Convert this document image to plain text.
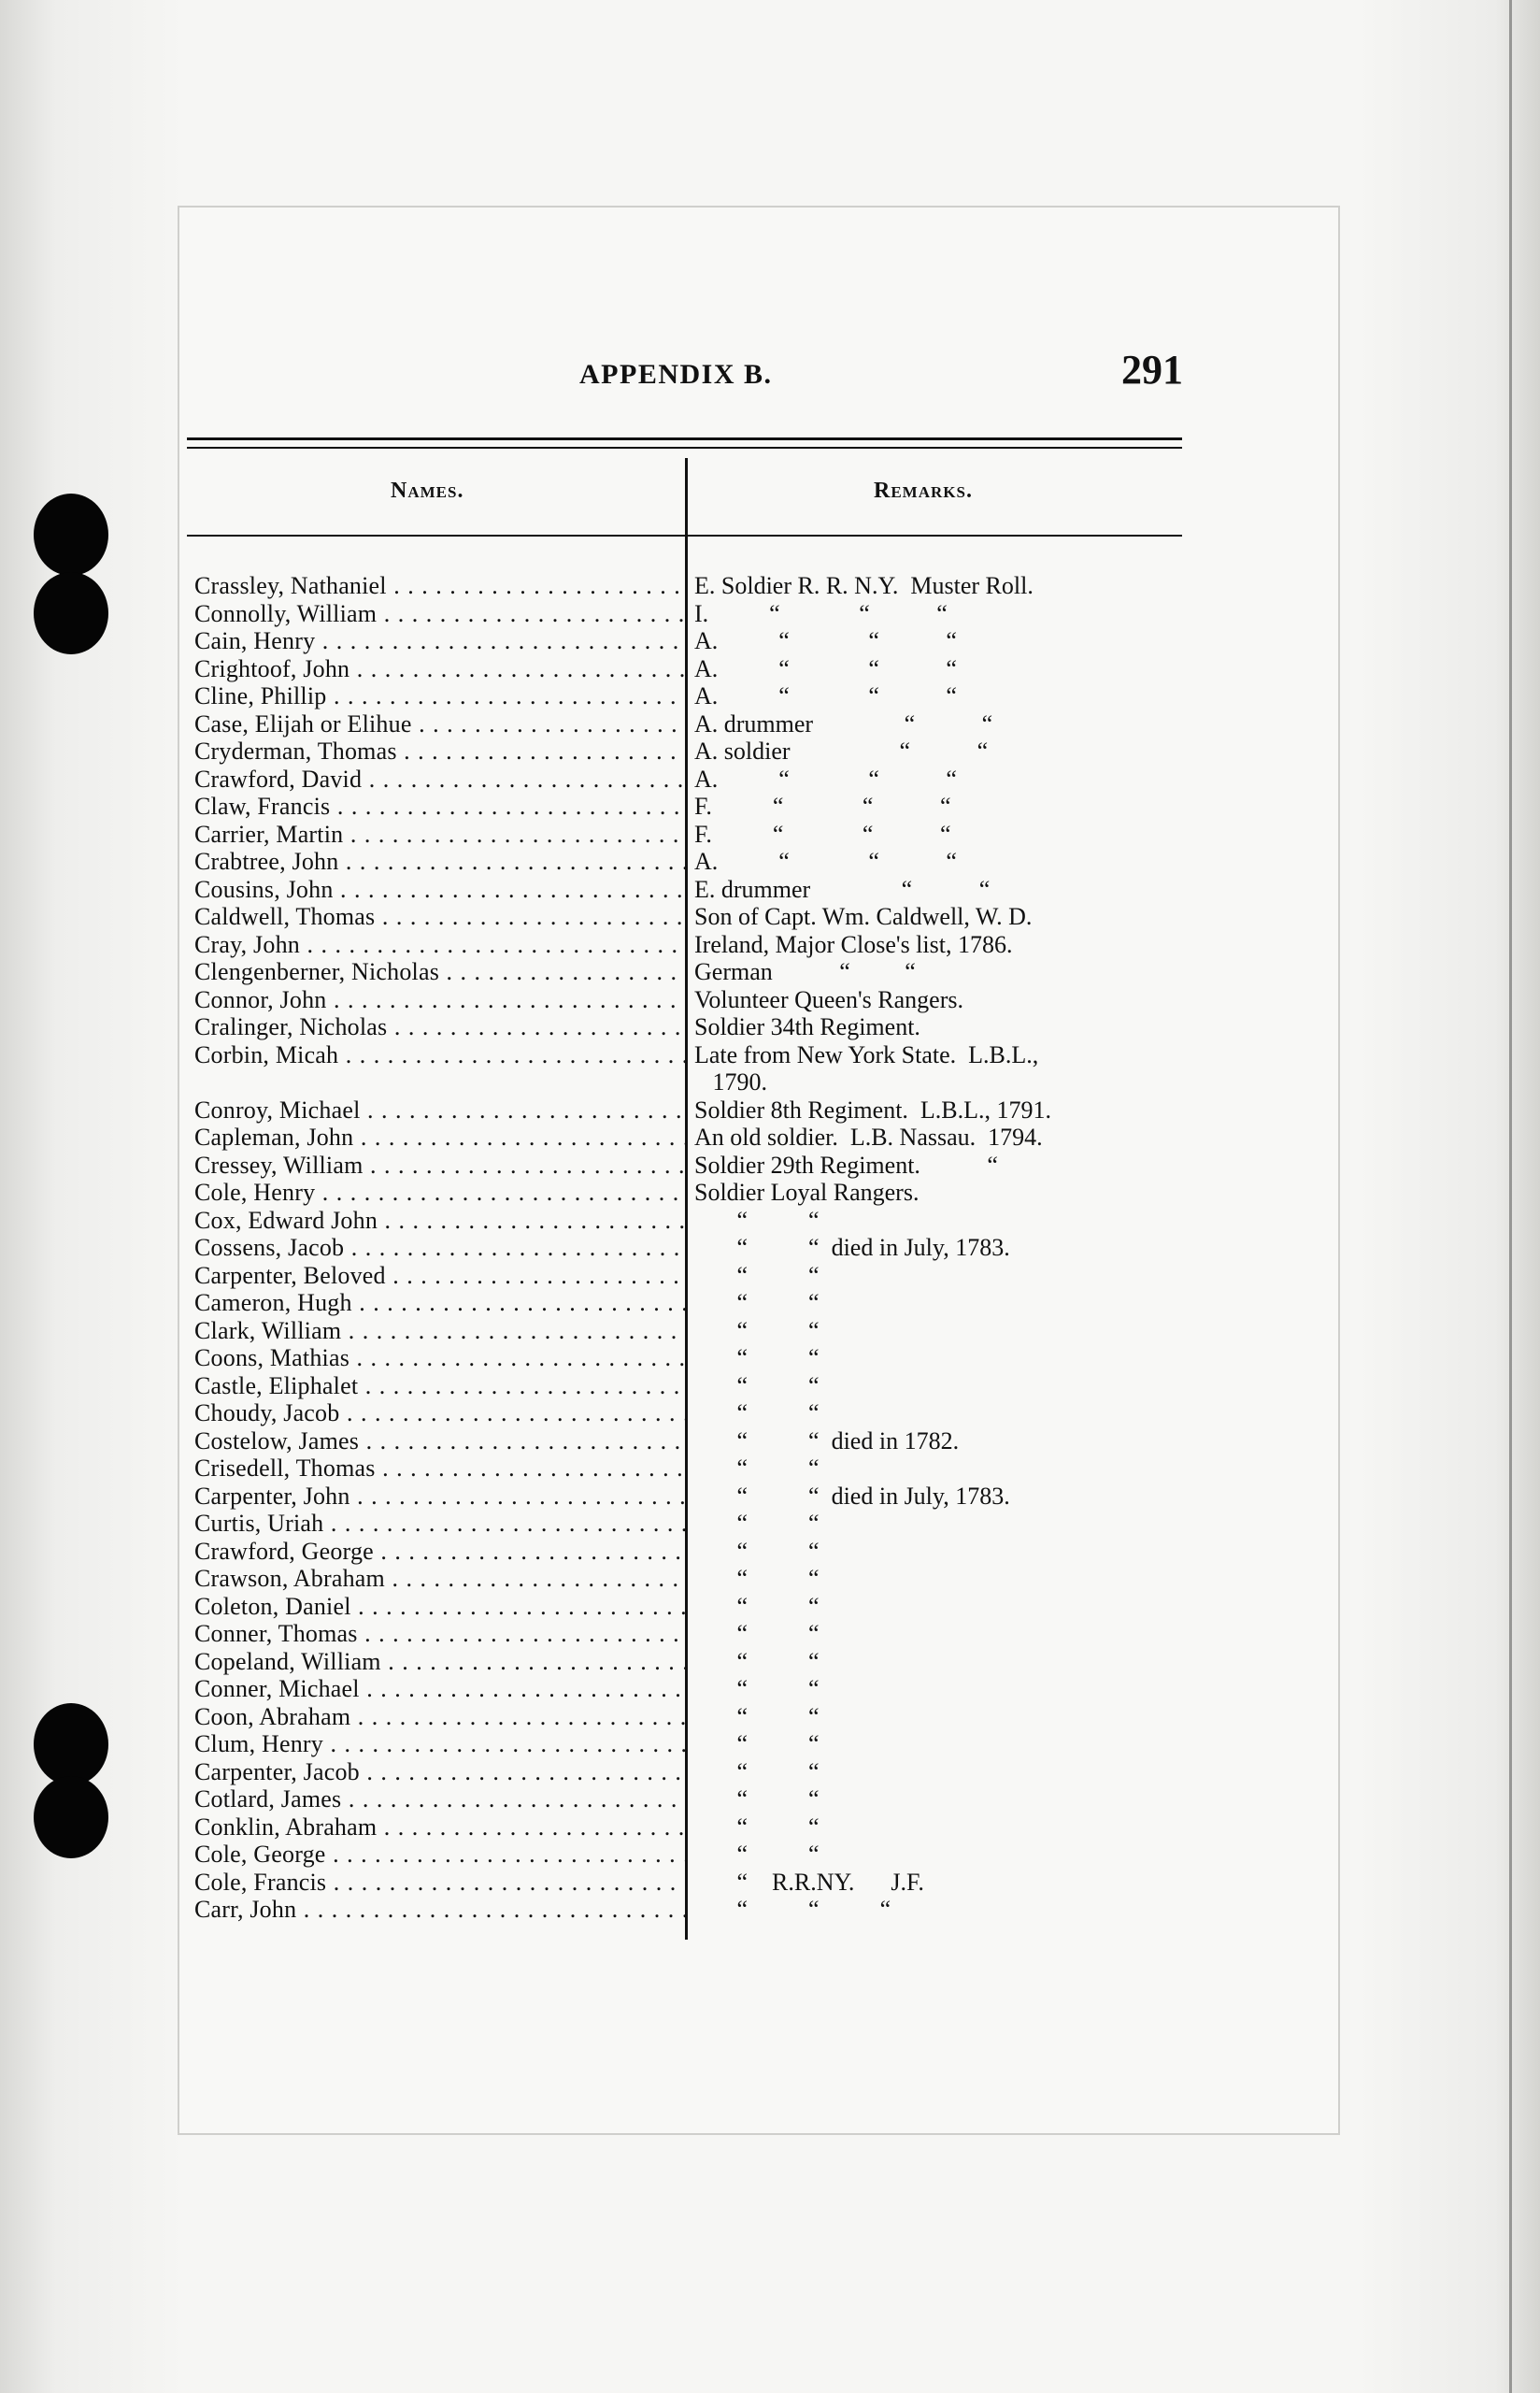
APPENDIX B.	291
Names.	Remarks.
Crassley, Nathaniel . . .	E. Soldier R. R. N.Y.  Muster Roll.
Connolly, William . . .	I.          “             “           “
Cain, Henry . . .	A.          “             “           “
Crightoof, John . . .	A.          “             “           “
Cline, Phillip . . .	A.          “             “           “
Case, Elijah or Elihue . . .	A. drummer               “           “
Cryderman, Thomas . . .	A. soldier                  “           “
Crawford, David . . .	A.          “             “           “
Claw, Francis . . .	F.          “             “           “
Carrier, Martin . . .	F.          “             “           “
Crabtree, John . . .	A.          “             “           “
Cousins, John . . .	E. drummer               “           “
Caldwell, Thomas . . .	Son of Capt. Wm. Caldwell, W. D.
Cray, John . . .	Ireland, Major Close's list, 1786.
Clengenberner, Nicholas . . .	German           “         “
Connor, John . . .	Volunteer Queen's Rangers.
Cralinger, Nicholas . . .	Soldier 34th Regiment.
Corbin, Micah . . .	Late from New York State.  L.B.L.,
1790.
Conroy, Michael . . .	Soldier 8th Regiment.  L.B.L., 1791.
Capleman, John . . .	An old soldier.  L.B. Nassau.  1794.
Cressey, William . . .	Soldier 29th Regiment.           “
Cole, Henry . . .	Soldier Loyal Rangers.
Cox, Edward John . . .	“          “
Cossens, Jacob . . .	“          “  died in July, 1783.
Carpenter, Beloved . . .	“          “
Cameron, Hugh . . .	“          “
Clark, William . . .	“          “
Coons, Mathias . . .	“          “
Castle, Eliphalet . . .	“          “
Choudy, Jacob . . .	“          “
Costelow, James . . .	“          “  died in 1782.
Crisedell, Thomas . . .	“          “
Carpenter, John . . .	“          “  died in July, 1783.
Curtis, Uriah . . .	“          “
Crawford, George . . .	“          “
Crawson, Abraham . . .	“          “
Coleton, Daniel . . .	“          “
Conner, Thomas . . .	“          “
Copeland, William . . .	“          “
Conner, Michael . . .	“          “
Coon, Abraham . . .	“          “
Clum, Henry . . .	“          “
Carpenter, Jacob . . .	“          “
Cotlard, James . . .	“          “
Conklin, Abraham . . .	“          “
Cole, George . . .	“          “
Cole, Francis . . .	“    R.R.NY.      J.F.
Carr, John . . .	“          “          “
